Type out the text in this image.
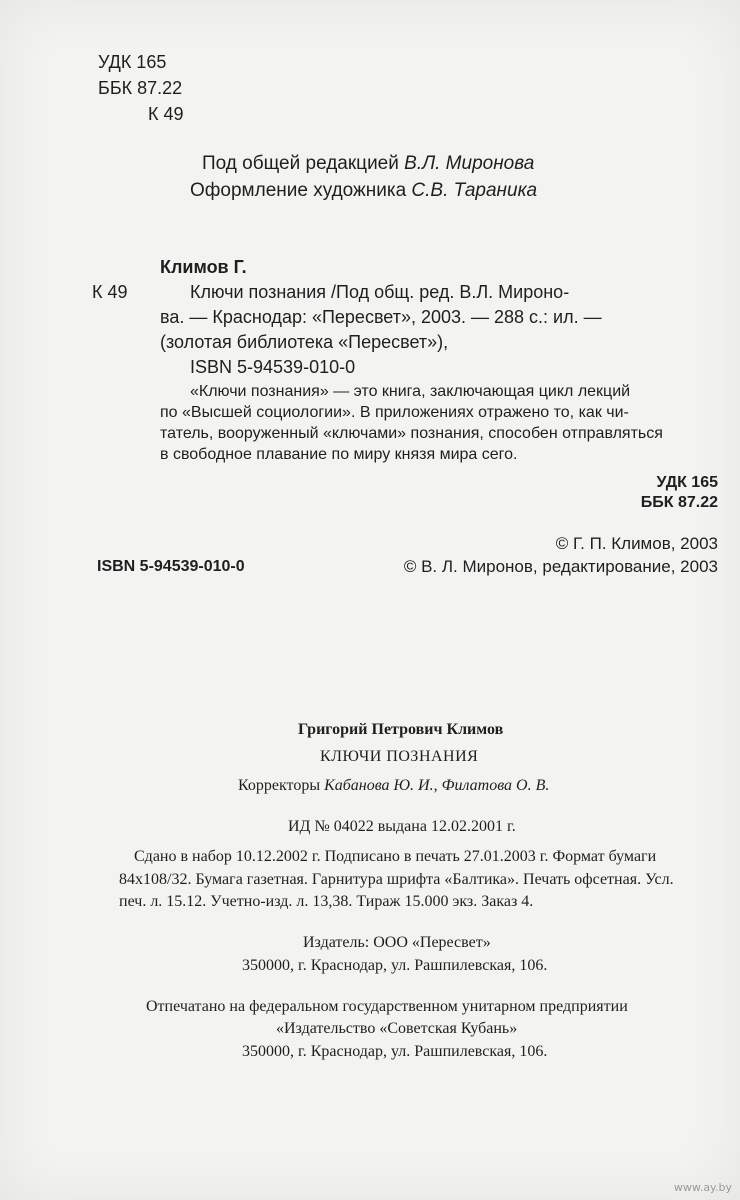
УДК 165
ББК 87.22
К 49
Под общей редакцией В.Л. Миронова
Оформление художника С.В. Тараника
Климов Г.
К 49	Ключи познания /Под общ. ред. В.Л. Мироно-
ва. — Краснодар: «Пересвет», 2003. — 288 с.: ил. —
(золотая библиотека «Пересвет»),
ISBN 5-94539-010-0
«Ключи познания» — это книга, заключающая цикл лекций
по «Высшей социологии». В приложениях отражено то, как чи-
татель, вооруженный «ключами» познания, способен отправляться
в свободное плавание по миру князя мира сего.
УДК 165
ББК 87.22
© Г. П. Климов, 2003
ISBN 5-94539-010-0	© В. Л. Миронов, редактирование, 2003
Григорий Петрович Климов
КЛЮЧИ ПОЗНАНИЯ
Корректоры Кабанова Ю. И., Филатова О. В.
ИД № 04022 выдана 12.02.2001 г.
Сдано в набор 10.12.2002 г. Подписано в печать 27.01.2003 г. Формат бумаги
84х108/32. Бумага газетная. Гарнитура шрифта «Балтика». Печать офсетная. Усл.
печ. л. 15.12. Учетно-изд. л. 13,38. Тираж 15.000 экз. Заказ 4.
Издатель: ООО «Пересвет»
350000, г. Краснодар, ул. Рашпилевская, 106.
Отпечатано на федеральном государственном унитарном предприятии
«Издательство «Советская Кубань»
350000, г. Краснодар, ул. Рашпилевская, 106.
www.ay.by
